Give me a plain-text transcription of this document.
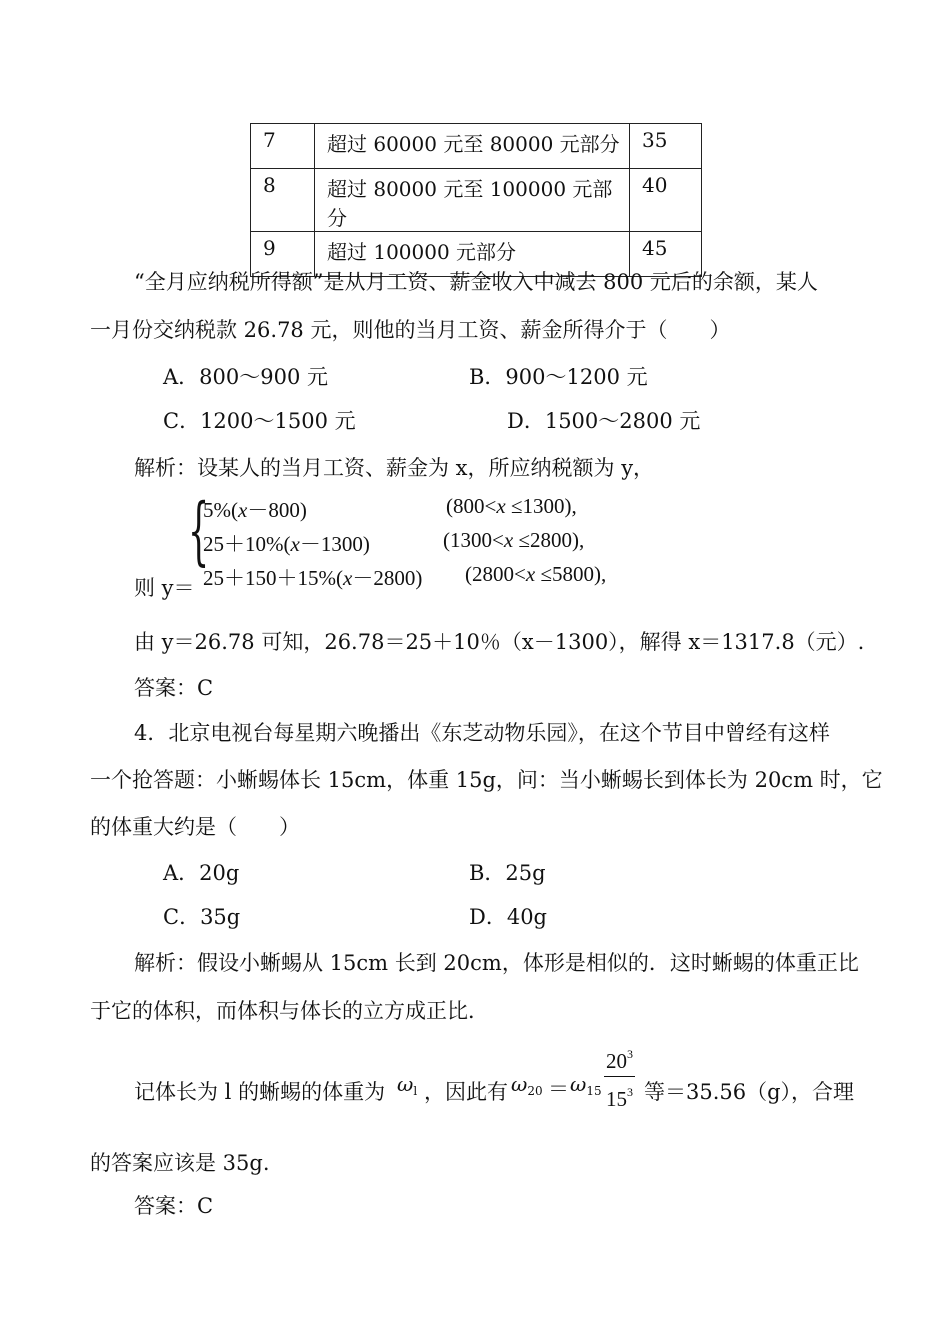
7	超过 60000 元至 80000 元部分	35
8	超过 80000 元至 100000 元部分	40
9	超过 100000 元部分	45
“全月应纳税所得额”是从月工资、薪金收入中减去 800 元后的余额，某人
一月份交纳税款 26.78 元，则他的当月工资、薪金所得介于（　　）
A．800～900 元	B．900～1200 元
C．1200～1500 元	D．1500～2800 元
解析：设某人的当月工资、薪金为 x，所应纳税额为 y，
则 y＝
{
5%(x－800)	(800<x ≤1300),
25＋10%(x－1300)	(1300<x ≤2800),
25＋150＋15%(x－2800) (2800<x ≤5800),
由 y＝26.78 可知，26.78＝25＋10％（x－1300），解得 x＝1317.8（元）.
答案：C
4．北京电视台每星期六晚播出《东芝动物乐园》，在这个节目中曾经有这样
一个抢答题：小蜥蜴体长 15cm，体重 15g，问：当小蜥蜴长到体长为 20cm 时，它
的体重大约是（　　）
A．20g	B．25g
C．35g	D．40g
解析：假设小蜥蜴从 15cm 长到 20cm，体形是相似的．这时蜥蜴的体重正比
于它的体积，而体积与体长的立方成正比．
记体长为 l 的蜥蜴的体重为 $\omega_l$ ，因此有 $\omega_{20} = \omega_{15} \frac{20^3}{15^3}$ 等＝35.56（g），合理
的答案应该是 35g.
答案：C
